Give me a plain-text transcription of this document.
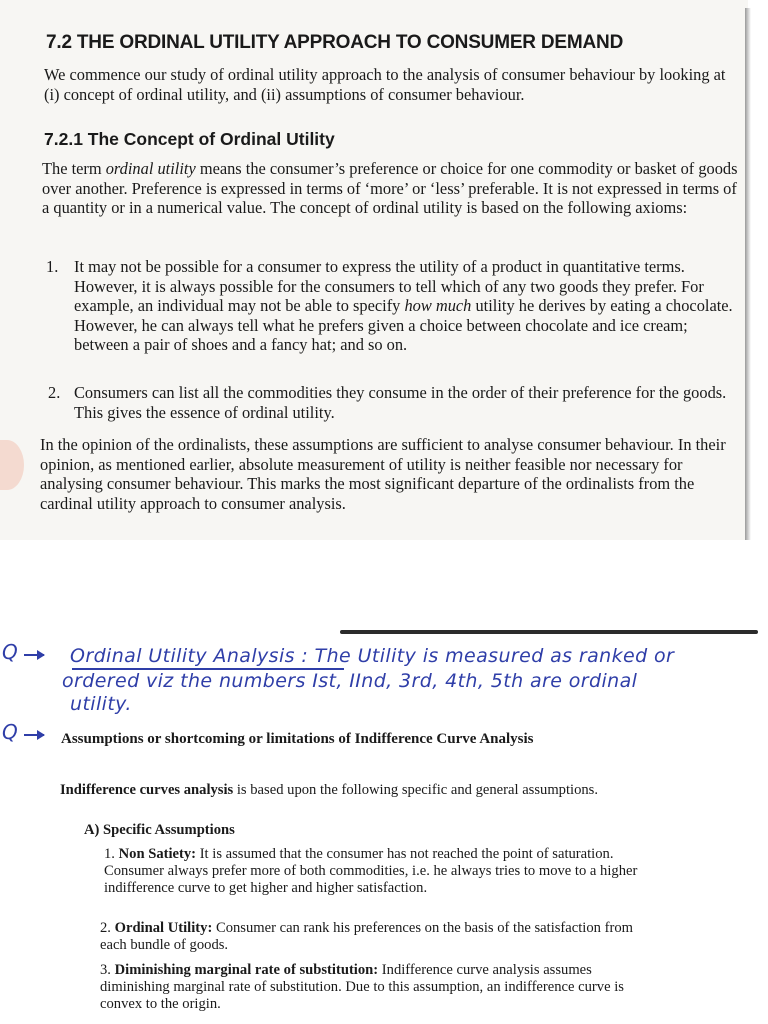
7.2 THE ORDINAL UTILITY APPROACH TO CONSUMER DEMAND

We commence our study of ordinal utility approach to the analysis of consumer behaviour by looking at (i) concept of ordinal utility, and (ii) assumptions of consumer behaviour.

7.2.1 The Concept of Ordinal Utility

The term ordinal utility means the consumer’s preference or choice for one commodity or basket of goods over another. Preference is expressed in terms of ‘more’ or ‘less’ preferable. It is not expressed in terms of a quantity or in a numerical value. The concept of ordinal utility is based on the following axioms:

1. It may not be possible for a consumer to express the utility of a product in quantitative terms. However, it is always possible for the consumers to tell which of any two goods they prefer. For example, an individual may not be able to specify how much utility he derives by eating a chocolate. However, he can always tell what he prefers given a choice between chocolate and ice cream; between a pair of shoes and a fancy hat; and so on.

2. Consumers can list all the commodities they consume in the order of their preference for the goods. This gives the essence of ordinal utility.

In the opinion of the ordinalists, these assumptions are sufficient to analyse consumer behaviour. In their opinion, as mentioned earlier, absolute measurement of utility is neither feasible nor necessary for analysing consumer behaviour. This marks the most significant departure of the ordinalists from the cardinal utility approach to consumer analysis.

Q	Ordinal Utility Analysis : The Utility is measured as ranked or
ordered viz the numbers Ist, IInd, 3rd, 4th, 5th are ordinal
utility.
Q	Assumptions or shortcoming or limitations of Indifference Curve Analysis

Indifference curves analysis is based upon the following specific and general assumptions.

A) Specific Assumptions

1. Non Satiety: It is assumed that the consumer has not reached the point of saturation. Consumer always prefer more of both commodities, i.e. he always tries to move to a higher indifference curve to get higher and higher satisfaction.

2. Ordinal Utility: Consumer can rank his preferences on the basis of the satisfaction from each bundle of goods.

3. Diminishing marginal rate of substitution: Indifference curve analysis assumes diminishing marginal rate of substitution. Due to this assumption, an indifference curve is convex to the origin.
